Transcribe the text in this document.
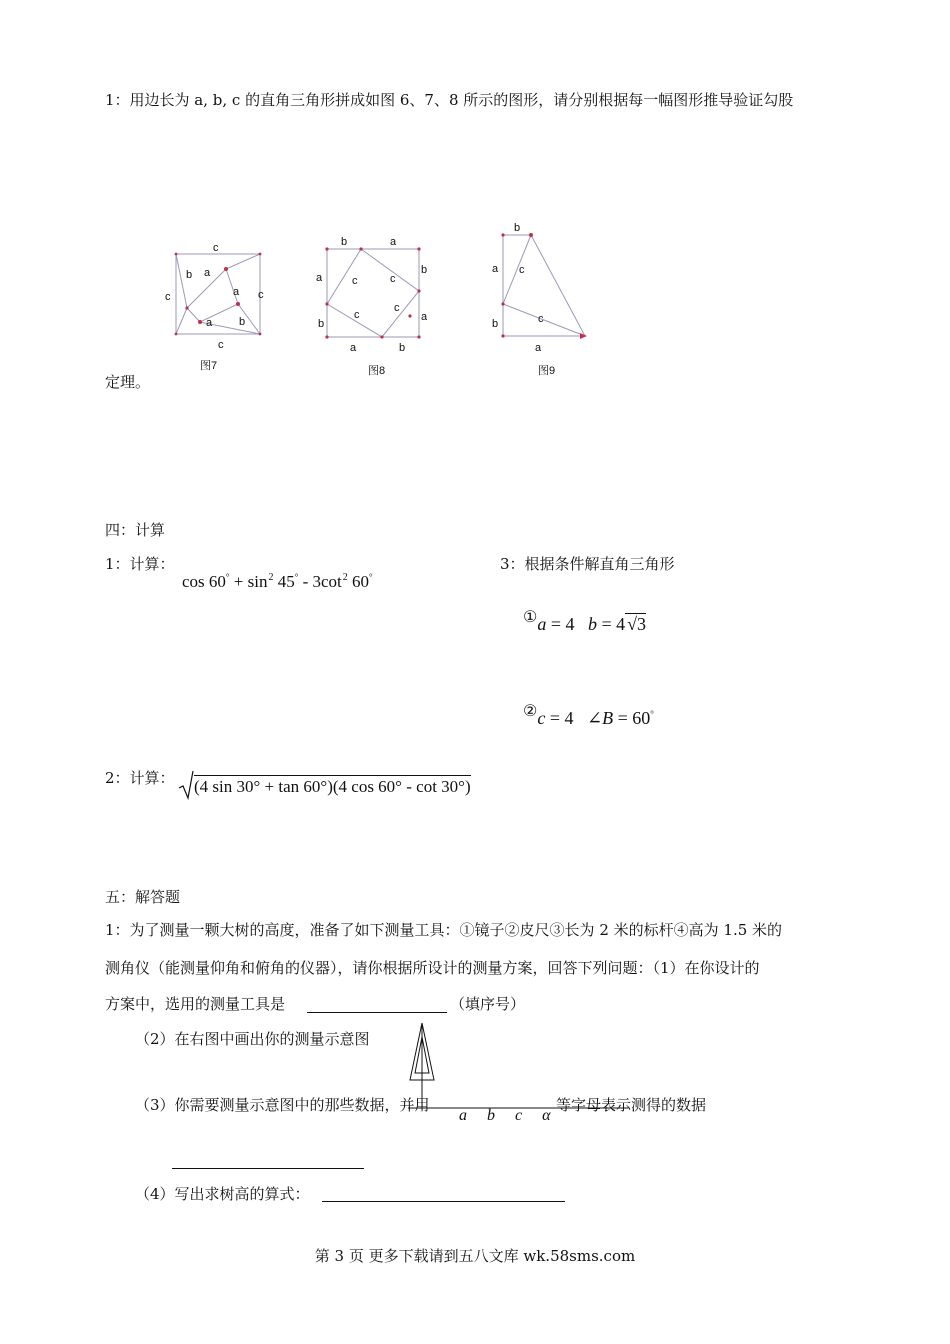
1：用边长为 a, b, c 的直角三角形拼成如图 6、7、8 所示的图形，请分别根据每一幅图形推导验证勾股
c
c	c
c
b a
a
b
a
图7
b	a
a
b
b
a
a	b
c	c
c
c
图8
b
a c
b	c
a
图9
定理。
四：计算
1：计算：
$\cos 60^\circ + \sin^2 45^\circ - 3\cot^2$ 60°
3：根据条件解直角三角形
①a = 4 b = 4 √3
②c = 4 ∠B = 60°
2：计算： (4 sin 30° + tan 60°)(4 cos 60° - cot 30°)
五：解答题
1：为了测量一颗大树的高度，准备了如下测量工具：①镜子②皮尺③长为 2 米的标杆④高为 1.5 米的
测角仪（能测量仰角和俯角的仪器），请你根据所设计的测量方案，回答下列问题：（1）在你设计的
方案中，选用的测量工具是	（填序号）
（2）在右图中画出你的测量示意图
（3）你需要测量示意图中的那些数据，并用	等字母表示测得的数据
a b c α
（4）写出求树高的算式：
第 3 页 更多下载请到五八文库 wk.58sms.com
